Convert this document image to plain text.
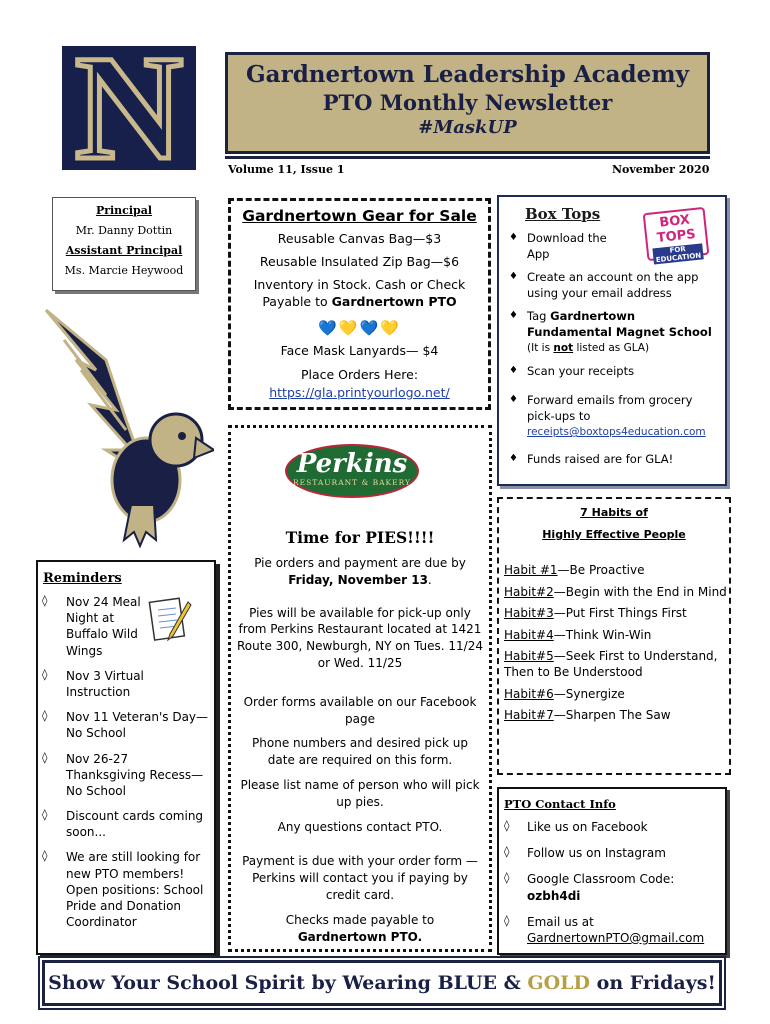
N	Gardnertown Leadership Academy
PTO Monthly Newsletter
#MaskUP
Volume 11, Issue 1	November 2020
Principal
Mr. Danny Dottin
Assistant Principal
Ms. Marcie Heywood
Gardnertown Gear for Sale

Reusable Canvas Bag—$3

Reusable Insulated Zip Bag—$6

Inventory in Stock. Cash or Check Payable to Gardnertown PTO

💙💛💙💛

Face Mask Lanyards— $4

Place Orders Here:

https://gla.printyourlogo.net/

Box Tops
♦ Download the App
♦ Create an account on the app using your email address
♦ Tag Gardnertown Fundamental Magnet School
(It is not listed as GLA)
♦ Scan your receipts
♦ Forward emails from grocery pick-ups to
receipts@boxtops4education.com
♦ Funds raised are for GLA!
BOX TOPS
FOR EDUCATION
Time for PIES!!!!

Pie orders and payment are due by
Friday, November 13.

Pies will be available for pick-up only from Perkins Restaurant located at 1421 Route 300, Newburgh, NY on Tues. 11/24 or Wed. 11/25

Order forms available on our Facebook page

Phone numbers and desired pick up date are required on this form.

Please list name of person who will pick up pies.

Any questions contact PTO.

Payment is due with your order form — Perkins will contact you if paying by credit card.

Checks made payable to
Gardnertown PTO.

Perkins
RESTAURANT & BAKERY
Reminders
◊ Nov 24 Meal Night at Buffalo Wild Wings
◊ Nov 3 Virtual Instruction
◊ Nov 11 Veteran's Day—No School
◊ Nov 26-27 Thanksgiving Recess—No School
◊ Discount cards coming soon...
◊ We are still looking for new PTO members! Open positions: School Pride and Donation Coordinator
7 Habits of
Highly Effective People
Habit #1—Be Proactive
Habit#2—Begin with the End in Mind
Habit#3—Put First Things First
Habit#4—Think Win-Win
Habit#5—Seek First to Understand, Then to Be Understood
Habit#6—Synergize
Habit#7—Sharpen The Saw
PTO Contact Info
◊ Like us on Facebook
◊ Follow us on Instagram
◊ Google Classroom Code:
ozbh4di
◊ Email us at
GardnertownPTO@gmail.com
Show Your School Spirit by Wearing BLUE & GOLD on Fridays!
